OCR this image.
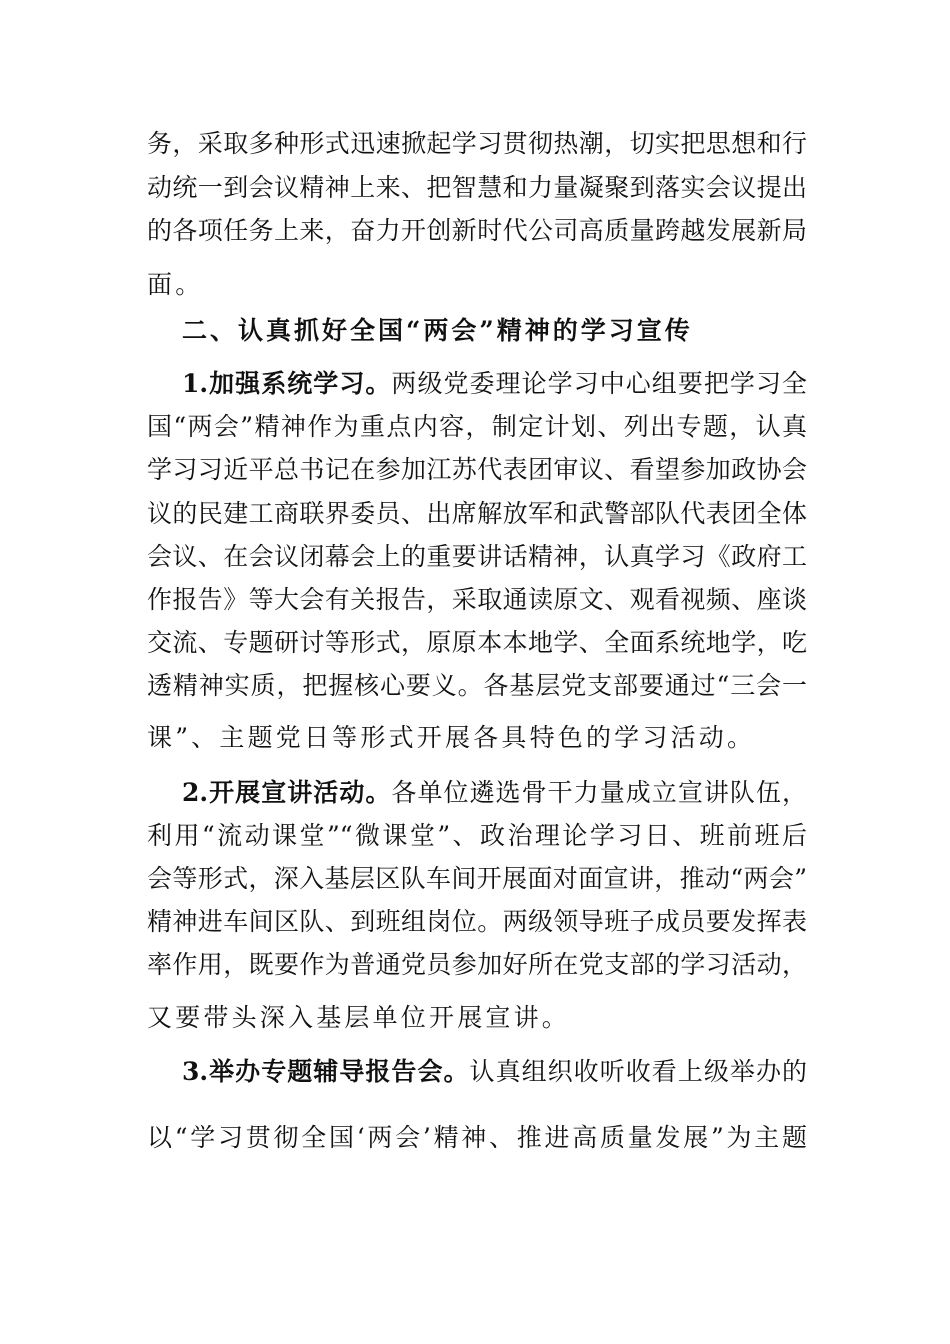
务，采取多种形式迅速掀起学习贯彻热潮，切实把思想和行
动统一到会议精神上来、把智慧和力量凝聚到落实会议提出
的各项任务上来，奋力开创新时代公司高质量跨越发展新局
面。
二、认真抓好全国“两会”精神的学习宣传
1.加强系统学习。两级党委理论学习中心组要把学习全
国“两会”精神作为重点内容，制定计划、列出专题，认真
学习习近平总书记在参加江苏代表团审议、看望参加政协会
议的民建工商联界委员、出席解放军和武警部队代表团全体
会议、在会议闭幕会上的重要讲话精神，认真学习《政府工
作报告》等大会有关报告，采取通读原文、观看视频、座谈
交流、专题研讨等形式，原原本本地学、全面系统地学，吃
透精神实质，把握核心要义。各基层党支部要通过“三会一
课”、主题党日等形式开展各具特色的学习活动。
2.开展宣讲活动。各单位遴选骨干力量成立宣讲队伍，
利用“流动课堂”“微课堂”、政治理论学习日、班前班后
会等形式，深入基层区队车间开展面对面宣讲，推动“两会”
精神进车间区队、到班组岗位。两级领导班子成员要发挥表
率作用，既要作为普通党员参加好所在党支部的学习活动，
又要带头深入基层单位开展宣讲。
3.举办专题辅导报告会。认真组织收听收看上级举办的
以“学习贯彻全国‘两会’精神、推进高质量发展”为主题
